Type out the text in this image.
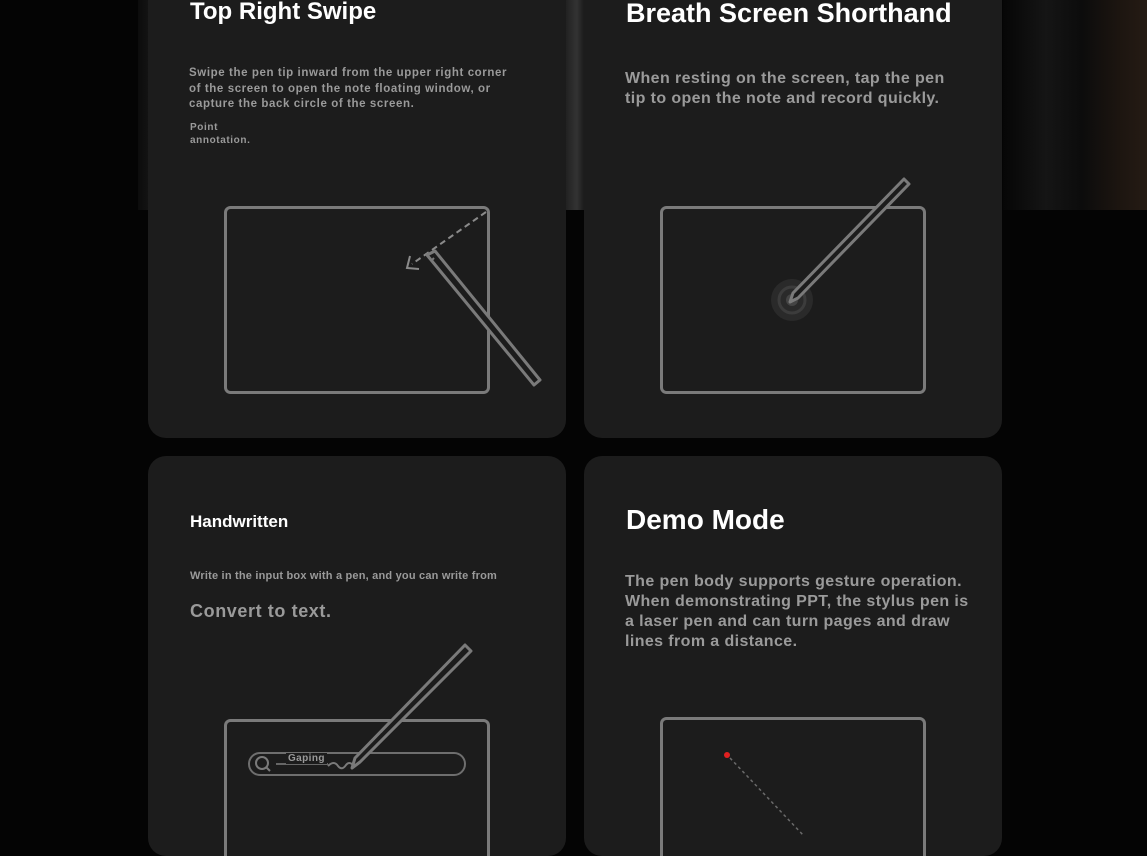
Top Right Swipe
Swipe the pen tip inward from the upper right corner of the screen to open the note floating window, or capture the back circle of the screen.
Point
annotation.
Breath Screen Shorthand
When resting on the screen, tap the pen tip to open the note and record quickly.
Handwritten
Write in the input box with a pen, and you can write from
Convert to text.
Gaping
Demo Mode
The pen body supports gesture operation. When demonstrating PPT, the stylus pen is a laser pen and can turn pages and draw lines from a distance.
